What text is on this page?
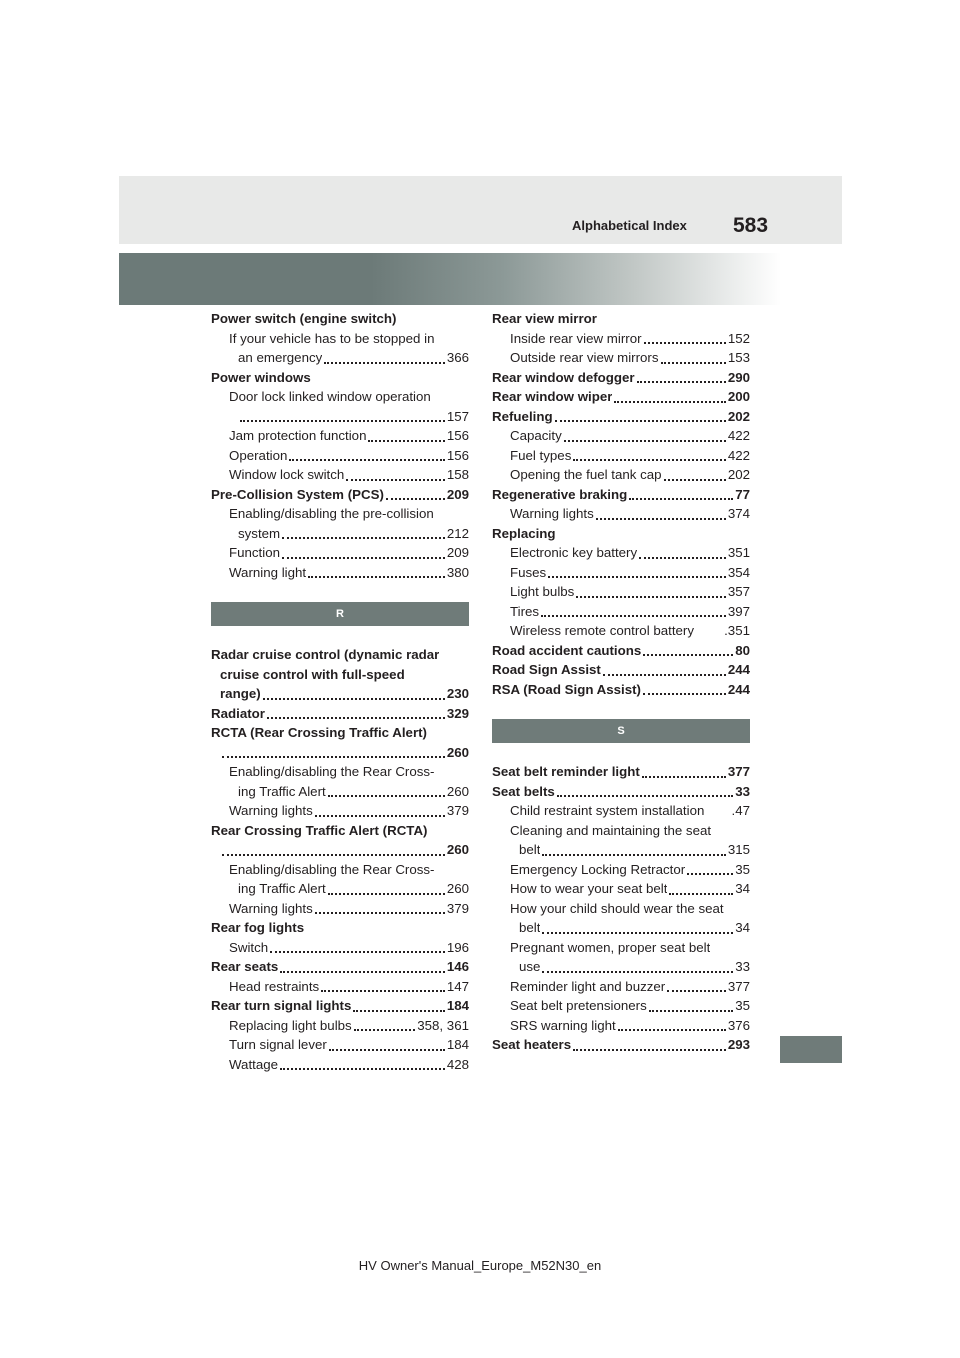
Alphabetical Index 583
Power switch (engine switch)
If your vehicle has to be stopped in
an emergency	366
Power windows
Door lock linked window operation
157
Jam protection function	156
Operation	156
Window lock switch	158
Pre-Collision System (PCS)	209
Enabling/disabling the pre-collision
system	212
Function	209
Warning light	380
R
Radar cruise control (dynamic radar
cruise control with full-speed
range)	230
Radiator	329
RCTA (Rear Crossing Traffic Alert)
260
Enabling/disabling the Rear Cross-
ing Traffic Alert	260
Warning lights	379
Rear Crossing Traffic Alert (RCTA)
260
Enabling/disabling the Rear Cross-
ing Traffic Alert	260
Warning lights	379
Rear fog lights
Switch	196
Rear seats	146
Head restraints	147
Rear turn signal lights	184
Replacing light bulbs	358, 361
Turn signal lever	184
Wattage	428
Rear view mirror
Inside rear view mirror	152
Outside rear view mirrors	153
Rear window defogger	290
Rear window wiper	200
Refueling	202
Capacity	422
Fuel types	422
Opening the fuel tank cap	202
Regenerative braking	77
Warning lights	374
Replacing
Electronic key battery	351
Fuses	354
Light bulbs	357
Tires	397
Wireless remote control battery .351
Road accident cautions	80
Road Sign Assist	244
RSA (Road Sign Assist)	244
S
Seat belt reminder light	377
Seat belts	33
Child restraint system installation .47
Cleaning and maintaining the seat
belt	315
Emergency Locking Retractor	35
How to wear your seat belt	34
How your child should wear the seat
belt	34
Pregnant women, proper seat belt
use	33
Reminder light and buzzer	377
Seat belt pretensioners	35
SRS warning light	376
Seat heaters	293
HV Owner's Manual_Europe_M52N30_en
